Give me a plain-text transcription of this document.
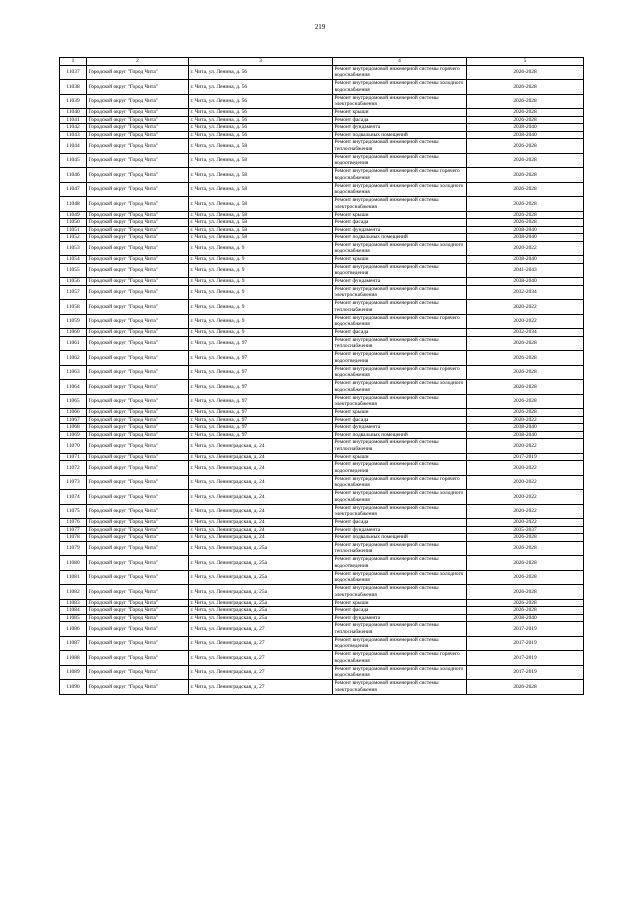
219
1	2	3	4	5
11037	Городской округ "Город Чита"	г. Чита, ул. Ленина, д. 56	Ремонт внутридомовой инженерной системы горячего водоснабжения	2026-2028
11038	Городской округ "Город Чита"	г. Чита, ул. Ленина, д. 56	Ремонт внутридомовой инженерной системы холодного водоснабжения	2026-2028
11039	Городской округ "Город Чита"	г. Чита, ул. Ленина, д. 56	Ремонт внутридомовой инженерной системы электроснабжения	2026-2028
11040	Городской округ "Город Чита"	г. Чита, ул. Ленина, д. 56	Ремонт крыши	2026-2028
11041	Городской округ "Город Чита"	г. Чита, ул. Ленина, д. 56	Ремонт фасада	2026-2028
11042	Городской округ "Город Чита"	г. Чита, ул. Ленина, д. 56	Ремонт фундамента	2038-2040
11043	Городской округ "Город Чита"	г. Чита, ул. Ленина, д. 56	Ремонт подвальных помещений	2038-2040
11044	Городской округ "Город Чита"	г. Чита, ул. Ленина, д. 58	Ремонт внутридомовой инженерной системы теплоснабжения	2026-2028
11045	Городской округ "Город Чита"	г. Чита, ул. Ленина, д. 58	Ремонт внутридомовой инженерной системы водоотведения	2026-2028
11046	Городской округ "Город Чита"	г. Чита, ул. Ленина, д. 58	Ремонт внутридомовой инженерной системы горячего водоснабжения	2026-2028
11047	Городской округ "Город Чита"	г. Чита, ул. Ленина, д. 58	Ремонт внутридомовой инженерной системы холодного водоснабжения	2026-2028
11048	Городской округ "Город Чита"	г. Чита, ул. Ленина, д. 58	Ремонт внутридомовой инженерной системы электроснабжения	2026-2028
11049	Городской округ "Город Чита"	г. Чита, ул. Ленина, д. 58	Ремонт крыши	2026-2028
11050	Городской округ "Город Чита"	г. Чита, ул. Ленина, д. 58	Ремонт фасада	2026-2028
11051	Городской округ "Город Чита"	г. Чита, ул. Ленина, д. 58	Ремонт фундамента	2038-2040
11052	Городской округ "Город Чита"	г. Чита, ул. Ленина, д. 58	Ремонт подвальных помещений	2038-2040
11053	Городской округ "Город Чита"	г. Чита, ул. Ленина, д. 9	Ремонт внутридомовой инженерной системы холодного водоснабжения	2020-2022
11054	Городской округ "Город Чита"	г. Чита, ул. Ленина, д. 9	Ремонт крыши	2038-2040
11055	Городской округ "Город Чита"	г. Чита, ул. Ленина, д. 9	Ремонт внутридомовой инженерной системы водоотведения	2041-2043
11056	Городской округ "Город Чита"	г. Чита, ул. Ленина, д. 9	Ремонт фундамента	2038-2040
11057	Городской округ "Город Чита"	г. Чита, ул. Ленина, д. 9	Ремонт внутридомовой инженерной системы электроснабжения	2032-2034
11058	Городской округ "Город Чита"	г. Чита, ул. Ленина, д. 9	Ремонт внутридомовой инженерной системы теплоснабжения	2020-2022
11059	Городской округ "Город Чита"	г. Чита, ул. Ленина, д. 9	Ремонт внутридомовой инженерной системы горячего водоснабжения	2020-2022
11060	Городской округ "Город Чита"	г. Чита, ул. Ленина, д. 9	Ремонт фасада	2032-2034
11061	Городской округ "Город Чита"	г. Чита, ул. Ленина, д. 97	Ремонт внутридомовой инженерной системы теплоснабжения	2026-2028
11062	Городской округ "Город Чита"	г. Чита, ул. Ленина, д. 97	Ремонт внутридомовой инженерной системы водоотведения	2026-2028
11063	Городской округ "Город Чита"	г. Чита, ул. Ленина, д. 97	Ремонт внутридомовой инженерной системы горячего водоснабжения	2026-2028
11064	Городской округ "Город Чита"	г. Чита, ул. Ленина, д. 97	Ремонт внутридомовой инженерной системы холодного водоснабжения	2026-2028
11065	Городской округ "Город Чита"	г. Чита, ул. Ленина, д. 97	Ремонт внутридомовой инженерной системы электроснабжения	2026-2028
11066	Городской округ "Город Чита"	г. Чита, ул. Ленина, д. 97	Ремонт крыши	2026-2028
11067	Городской округ "Город Чита"	г. Чита, ул. Ленина, д. 97	Ремонт фасада	2020-2022
11068	Городской округ "Город Чита"	г. Чита, ул. Ленина, д. 97	Ремонт фундамента	2038-2040
11069	Городской округ "Город Чита"	г. Чита, ул. Ленина, д. 97	Ремонт подвальных помещений	2038-2040
11070	Городской округ "Город Чита"	г. Чита, ул. Ленинградская, д. 24	Ремонт внутридомовой инженерной системы теплоснабжения	2020-2022
11071	Городской округ "Город Чита"	г. Чита, ул. Ленинградская, д. 24	Ремонт крыши	2017-2019
11072	Городской округ "Город Чита"	г. Чита, ул. Ленинградская, д. 24	Ремонт внутридомовой инженерной системы водоотведения	2020-2022
11073	Городской округ "Город Чита"	г. Чита, ул. Ленинградская, д. 24	Ремонт внутридомовой инженерной системы горячего водоснабжения	2020-2022
11074	Городской округ "Город Чита"	г. Чита, ул. Ленинградская, д. 24	Ремонт внутридомовой инженерной системы холодного водоснабжения	2020-2022
11075	Городской округ "Город Чита"	г. Чита, ул. Ленинградская, д. 24	Ремонт внутридомовой инженерной системы электроснабжения	2020-2022
11076	Городской округ "Город Чита"	г. Чита, ул. Ленинградская, д. 24	Ремонт фасада	2020-2022
11077	Городской округ "Город Чита"	г. Чита, ул. Ленинградская, д. 24	Ремонт фундамента	2035-2037
11078	Городской округ "Город Чита"	г. Чита, ул. Ленинградская, д. 24	Ремонт подвальных помещений	2026-2028
11079	Городской округ "Город Чита"	г. Чита, ул. Ленинградская, д. 25а	Ремонт внутридомовой инженерной системы теплоснабжения	2026-2028
11080	Городской округ "Город Чита"	г. Чита, ул. Ленинградская, д. 25а	Ремонт внутридомовой инженерной системы водоотведения	2026-2028
11081	Городской округ "Город Чита"	г. Чита, ул. Ленинградская, д. 25а	Ремонт внутридомовой инженерной системы холодного водоснабжения	2026-2028
11082	Городской округ "Город Чита"	г. Чита, ул. Ленинградская, д. 25а	Ремонт внутридомовой инженерной системы электроснабжения	2026-2028
11083	Городской округ "Город Чита"	г. Чита, ул. Ленинградская, д. 25а	Ремонт крыши	2026-2028
11084	Городской округ "Город Чита"	г. Чита, ул. Ленинградская, д. 25а	Ремонт фасада	2026-2028
11085	Городской округ "Город Чита"	г. Чита, ул. Ленинградская, д. 25а	Ремонт фундамента	2038-2040
11086	Городской округ "Город Чита"	г. Чита, ул. Ленинградская, д. 27	Ремонт внутридомовой инженерной системы теплоснабжения	2017-2019
11087	Городской округ "Город Чита"	г. Чита, ул. Ленинградская, д. 27	Ремонт внутридомовой инженерной системы водоотведения	2017-2019
11088	Городской округ "Город Чита"	г. Чита, ул. Ленинградская, д. 27	Ремонт внутридомовой инженерной системы горячего водоснабжения	2017-2019
11089	Городской округ "Город Чита"	г. Чита, ул. Ленинградская, д. 27	Ремонт внутридомовой инженерной системы холодного водоснабжения	2017-2019
11090	Городской округ "Город Чита"	г. Чита, ул. Ленинградская, д. 27	Ремонт внутридомовой инженерной системы электроснабжения	2026-2028
